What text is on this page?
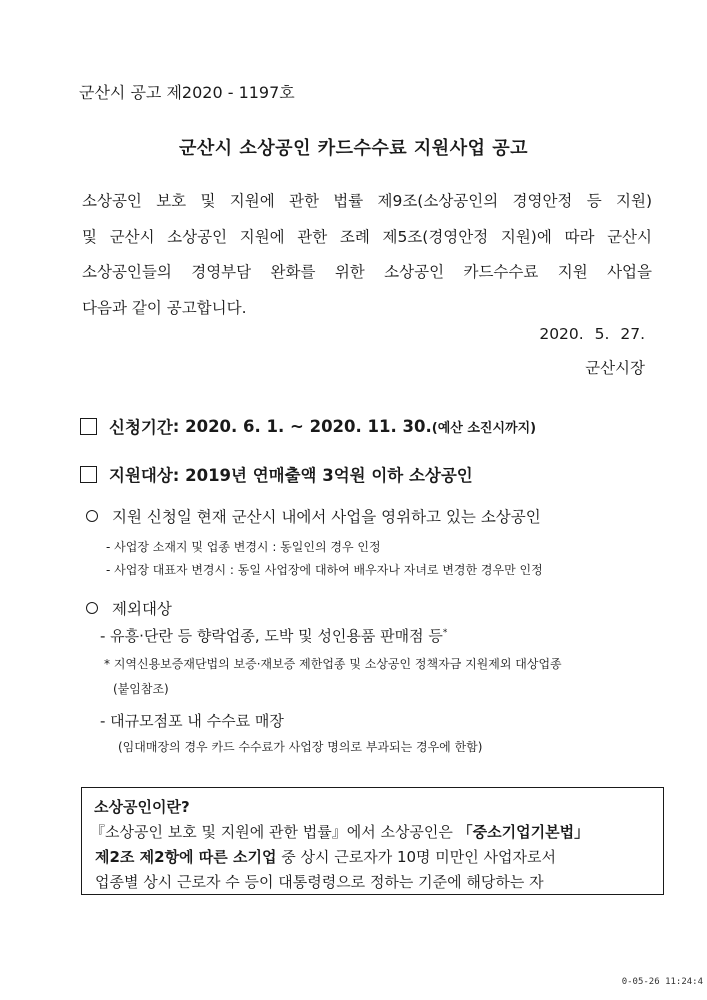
군산시 공고 제2020 - 1197호
군산시 소상공인 카드수수료 지원사업 공고
소상공인 보호 및 지원에 관한 법률 제9조(소상공인의 경영안정 등 지원)
및 군산시 소상공인 지원에 관한 조례 제5조(경영안정 지원)에 따라 군산시
소상공인들의 경영부담 완화를 위한 소상공인 카드수수료 지원 사업을
다음과 같이 공고합니다.
2020. 5. 27.
군산시장
신청기간 : 2020. 6. 1. ~ 2020. 11. 30. (예산 소진시까지)
지원대상 : 2019년 연매출액 3억원 이하 소상공인
지원 신청일 현재 군산시 내에서 사업을 영위하고 있는 소상공인
- 사업장 소재지 및 업종 변경시 : 동일인의 경우 인정
- 사업장 대표자 변경시 : 동일 사업장에 대하여 배우자나 자녀로 변경한 경우만 인정
제외대상
- 유흥·단란 등 향락업종, 도박 및 성인용품 판매점 등*
* 지역신용보증재단법의 보증·재보증 제한업종 및 소상공인 정책자금 지원제외 대상업종
(붙임참조)
- 대규모점포 내 수수료 매장
(임대매장의 경우 카드 수수료가 사업장 명의로 부과되는 경우에 한함)
소상공인이란?
『소상공인 보호 및 지원에 관한 법률』에서 소상공인은 「중소기업기본법」
제2조 제2항에 따른 소기업 중 상시 근로자가 10명 미만인 사업자로서
업종별 상시 근로자 수 등이 대통령령으로 정하는 기준에 해당하는 자
0-05-26 11:24:4
